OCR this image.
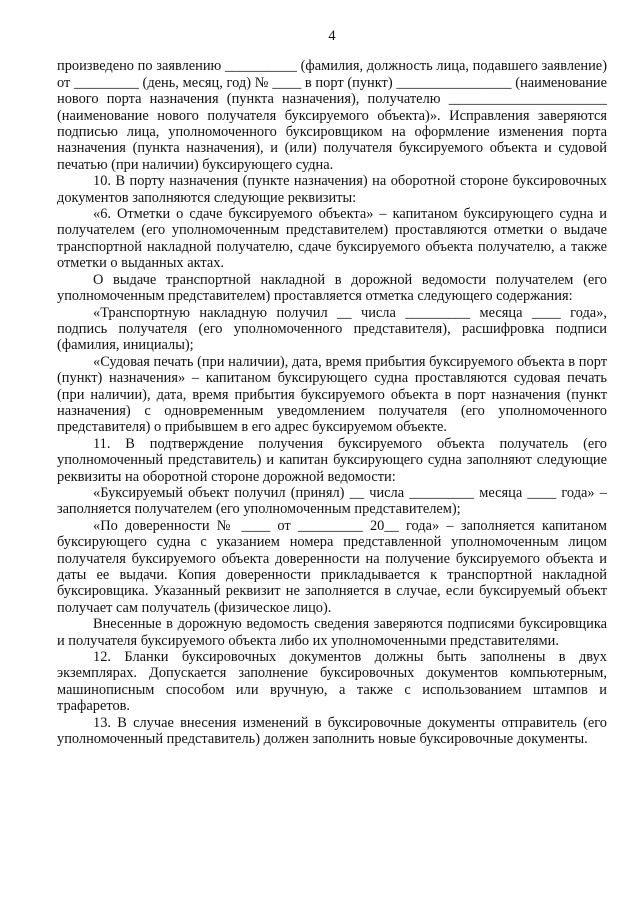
4

произведено по заявлению __________ (фамилия, должность лица, подавшего заявление) от _________ (день, месяц, год) № ____ в порт (пункт) ________________ (наименование нового порта назначения (пункта назначения), получателю ______________________ (наименование нового получателя буксируемого объекта)». Исправления заверяются подписью лица, уполномоченного буксировщиком на оформление изменения порта назначения (пункта назначения), и (или) получателя буксируемого объекта и судовой печатью (при наличии) буксирующего судна.

10. В порту назначения (пункте назначения) на оборотной стороне буксировочных документов заполняются следующие реквизиты:

«6. Отметки о сдаче буксируемого объекта» – капитаном буксирующего судна и получателем (его уполномоченным представителем) проставляются отметки о выдаче транспортной накладной получателю, сдаче буксируемого объекта получателю, а также отметки о выданных актах.

О выдаче транспортной накладной в дорожной ведомости получателем (его уполномоченным представителем) проставляется отметка следующего содержания:

«Транспортную накладную получил __ числа _________ месяца ____ года», подпись получателя (его уполномоченного представителя), расшифровка подписи (фамилия, инициалы);

«Судовая печать (при наличии), дата, время прибытия буксируемого объекта в порт (пункт) назначения» – капитаном буксирующего судна проставляются судовая печать (при наличии), дата, время прибытия буксируемого объекта в порт назначения (пункт назначения) с одновременным уведомлением получателя (его уполномоченного представителя) о прибывшем в его адрес буксируемом объекте.

11. В подтверждение получения буксируемого объекта получатель (его уполномоченный представитель) и капитан буксирующего судна заполняют следующие реквизиты на оборотной стороне дорожной ведомости:

«Буксируемый объект получил (принял) __ числа _________ месяца ____ года» – заполняется получателем (его уполномоченным представителем);

«По доверенности № ____ от _________ 20__ года» – заполняется капитаном буксирующего судна с указанием номера представленной уполномоченным лицом получателя буксируемого объекта доверенности на получение буксируемого объекта и даты ее выдачи. Копия доверенности прикладывается к транспортной накладной буксировщика. Указанный реквизит не заполняется в случае, если буксируемый объект получает сам получатель (физическое лицо).

Внесенные в дорожную ведомость сведения заверяются подписями буксировщика и получателя буксируемого объекта либо их уполномоченными представителями.

12. Бланки буксировочных документов должны быть заполнены в двух экземплярах. Допускается заполнение буксировочных документов компьютерным, машинописным способом или вручную, а также с использованием штампов и трафаретов.

13. В случае внесения изменений в буксировочные документы отправитель (его уполномоченный представитель) должен заполнить новые буксировочные документы.
